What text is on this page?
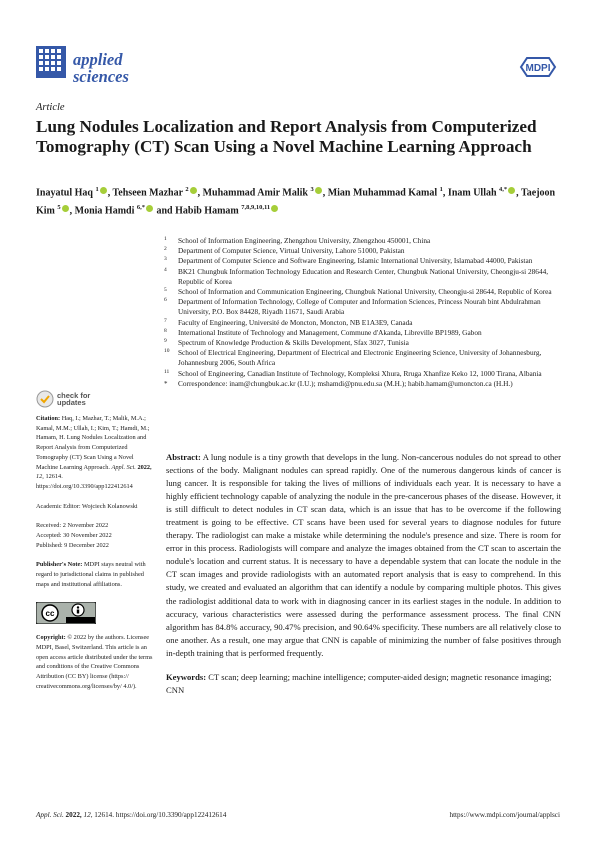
applied
sciences	MDPI
Article
Lung Nodules Localization and Report Analysis from Computerized Tomography (CT) Scan Using a Novel Machine Learning Approach
Inayatul Haq $^1$ , Tehseen Mazhar $^2$ , Muhammad Amir Malik $^3$ , Mian Muhammad Kamal $^1$, Inam Ullah $^{4,*}$ , Taejoon Kim $^5$ , Monia Hamdi $^{6,*}$ and Habib Hamam $^{7,8,9,10,11}$
1 School of Information Engineering, Zhengzhou University, Zhengzhou 450001, China
2 Department of Computer Science, Virtual University, Lahore 51000, Pakistan
3 Department of Computer Science and Software Engineering, Islamic International University, Islamabad 44000, Pakistan
4 BK21 Chungbuk Information Technology Education and Research Center, Chungbuk National University, Cheongju-si 28644, Republic of Korea
5 School of Information and Communication Engineering, Chungbuk National University, Cheongju-si 28644, Republic of Korea
6 Department of Information Technology, College of Computer and Information Sciences, Princess Nourah bint Abdulrahman University, P.O. Box 84428, Riyadh 11671, Saudi Arabia
7 Faculty of Engineering, Université de Moncton, Moncton, NB E1A3E9, Canada
8 International Institute of Technology and Management, Commune d'Akanda, Libreville BP1989, Gabon
9 Spectrum of Knowledge Production & Skills Development, Sfax 3027, Tunisia
10 School of Electrical Engineering, Department of Electrical and Electronic Engineering Science, University of Johannesburg, Johannesburg 2006, South Africa
11 School of Engineering, Canadian Institute of Technology, Kompleksi Xhura, Rruga Xhanfize Keko 12, 1000 Tirana, Albania
* Correspondence: inam@chungbuk.ac.kr (I.U.); mshamdi@pnu.edu.sa (M.H.); habib.hamam@umoncton.ca (H.H.)
check for
updates
Citation: Haq, I.; Mazhar, T.; Malik, M.A.; Kamal, M.M.; Ullah, I.; Kim, T.; Hamdi, M.; Hamam, H. Lung Nodules Localization and Report Analysis from Computerized Tomography (CT) Scan Using a Novel Machine Learning Approach. Appl. Sci. 2022, 12, 12614. https://doi.org/10.3390/app122412614
Academic Editor: Wojciech Kolanowski
Received: 2 November 2022
Accepted: 30 November 2022
Published: 9 December 2022
Publisher's Note: MDPI stays neutral with regard to jurisdictional claims in published maps and institutional affiliations.
cc
Copyright: © 2022 by the authors. Licensee MDPI, Basel, Switzerland. This article is an open access article distributed under the terms and conditions of the Creative Commons Attribution (CC BY) license (https:// creativecommons.org/licenses/by/ 4.0/).
Abstract: A lung nodule is a tiny growth that develops in the lung. Non-cancerous nodules do not spread to other sections of the body. Malignant nodules can spread rapidly. One of the numerous dangerous kinds of cancer is lung cancer. It is responsible for taking the lives of millions of individuals each year. It is necessary to have a highly efficient technology capable of analyzing the nodule in the pre-cancerous phases of the disease. However, it is still difficult to detect nodules in CT scan data, which is an issue that has to be overcome if the following treatment is going to be effective. CT scans have been used for several years to diagnose nodules for future therapy. The radiologist can make a mistake while determining the nodule's presence and size. There is room for error in this process. Radiologists will compare and analyze the images obtained from the CT scan to ascertain the nodule's location and current status. It is necessary to have a dependable system that can locate the nodule in the CT scan images and provide radiologists with an automated report analysis that is easy to comprehend. In this study, we created and evaluated an algorithm that can identify a nodule by comparing multiple photos. This gives the radiologist additional data to work with in diagnosing cancer in its earliest stages in the nodule. In addition to accuracy, various characteristics were assessed during the performance assessment process. The final CNN algorithm has 84.8% accuracy, 90.47% precision, and 90.64% specificity. These numbers are all relatively close to one another. As a result, one may argue that CNN is capable of minimizing the number of false positives through in-depth training that is performed frequently.
Keywords: CT scan; deep learning; machine intelligence; computer-aided design; magnetic resonance imaging; CNN
Appl. Sci. 2022, 12, 12614. https://doi.org/10.3390/app122412614	https://www.mdpi.com/journal/applsci
